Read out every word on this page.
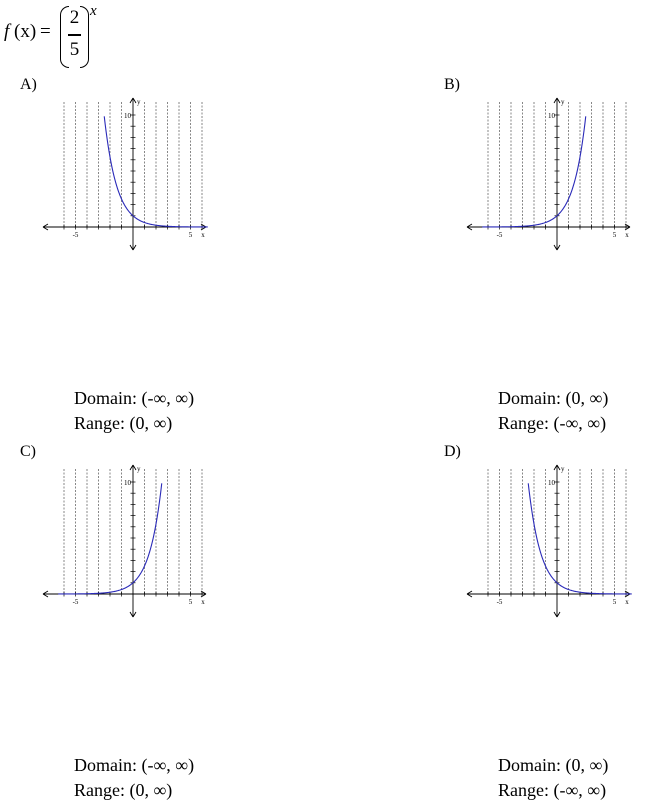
f (x) =
2
5
x
A)
-5	5 x
10
y
Domain: (-∞, ∞)
Range: (0, ∞)
B)
-5	5 x
10
y
Domain: (0, ∞)
Range: (-∞, ∞)
C)
-5	5 x
10
y
Domain: (-∞, ∞)
Range: (0, ∞)
D)
-5	5 x
10
y
Domain: (0, ∞)
Range: (-∞, ∞)
